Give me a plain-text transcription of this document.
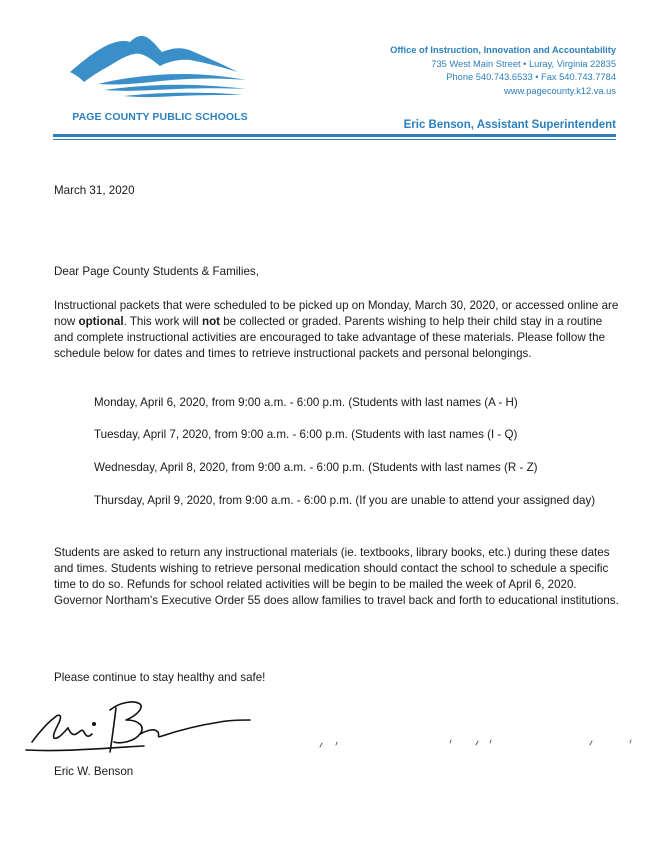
PAGE COUNTY PUBLIC SCHOOLS
Office of Instruction, Innovation and Accountability
735 West Main Street • Luray, Virginia 22835
Phone 540.743.6533 • Fax 540.743.7784
www.pagecounty.k12.va.us
Eric Benson, Assistant Superintendent
March 31, 2020
Dear Page County Students & Families,
Instructional packets that were scheduled to be picked up on Monday, March 30, 2020, or accessed online are now optional. This work will not be collected or graded. Parents wishing to help their child stay in a routine and complete instructional activities are encouraged to take advantage of these materials. Please follow the schedule below for dates and times to retrieve instructional packets and personal belongings.
Monday, April 6, 2020, from 9:00 a.m. - 6:00 p.m. (Students with last names (A - H)
Tuesday, April 7, 2020, from 9:00 a.m. - 6:00 p.m. (Students with last names (I - Q)
Wednesday, April 8, 2020, from 9:00 a.m. - 6:00 p.m. (Students with last names (R - Z)
Thursday, April 9, 2020, from 9:00 a.m. - 6:00 p.m. (If you are unable to attend your assigned day)
Students are asked to return any instructional materials (ie. textbooks, library books, etc.) during these dates and times. Students wishing to retrieve personal medication should contact the school to schedule a specific time to do so. Refunds for school related activities will be begin to be mailed the week of April 6, 2020. Governor Northam's Executive Order 55 does allow families to travel back and forth to educational institutions.
Please continue to stay healthy and safe!
Eric W. Benson
